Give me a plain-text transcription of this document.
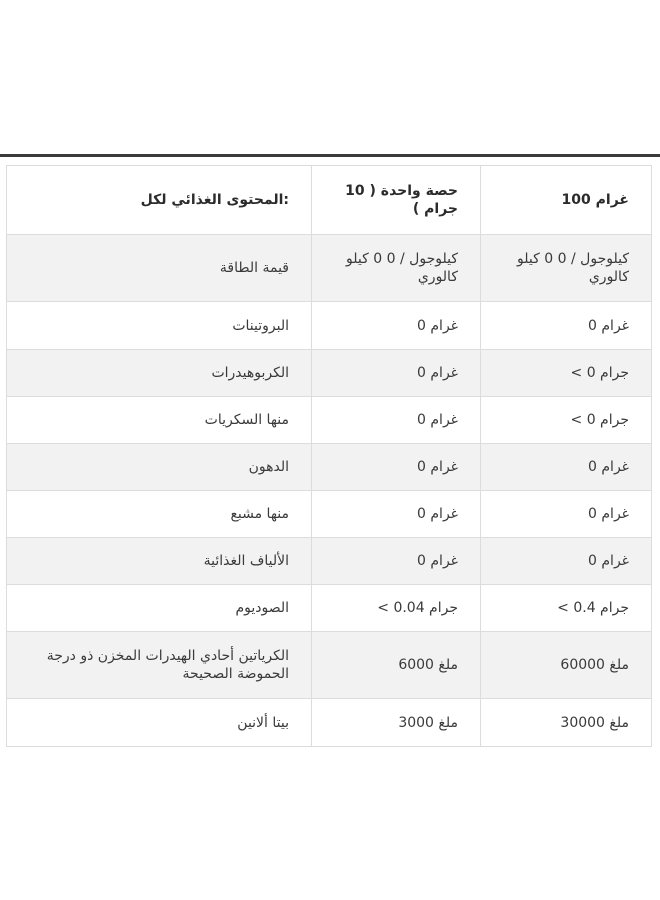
غرام 100	حصة واحدة ( 10 جرام )	:المحتوى الغذائي لكل
كيلوجول / 0 0 كيلو كالوري	كيلوجول / 0 0 كيلو كالوري	قيمة الطاقة
غرام 0	غرام 0	البروتينات
جرام 0 >	غرام 0	الكربوهيدرات
جرام 0 >	غرام 0	منها السكريات
غرام 0	غرام 0	الدهون
غرام 0	غرام 0	منها مشبع
غرام 0	غرام 0	الألياف الغذائية
جرام 0.4 >	جرام 0.04 >	الصوديوم
ملغ 60000	ملغ 6000	الكرياتين أحادي الهيدرات المخزن ذو درجة الحموضة الصحيحة
ملغ 30000	ملغ 3000	بيتا ألانين
